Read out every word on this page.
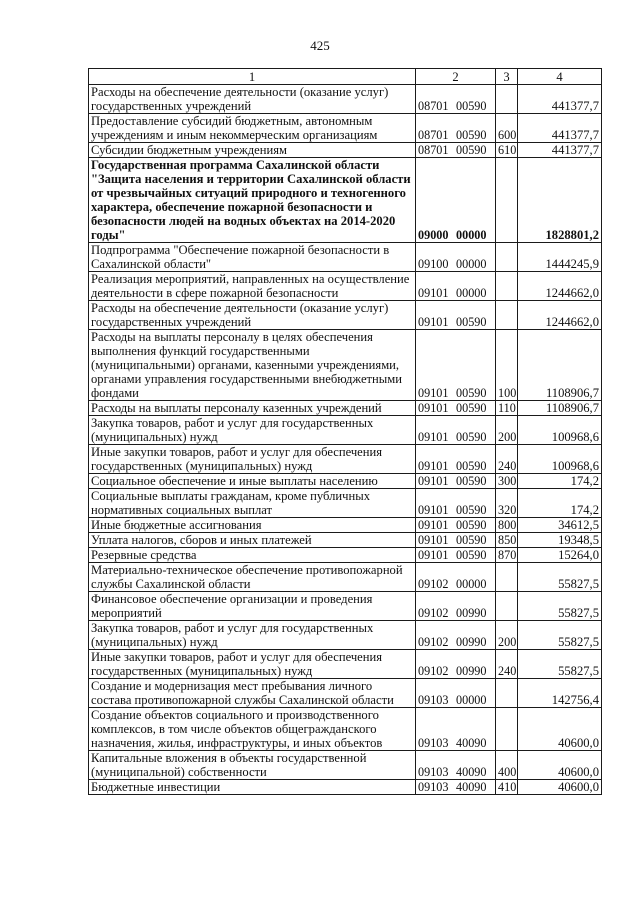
425
1	2	3	4
Расходы на обеспечение деятельности (оказание услуг) государственных учреждений	08701 00590		441377,7
Предоставление субсидий бюджетным, автономным учреждениям и иным некоммерческим организациям	08701 00590	600	441377,7
Субсидии бюджетным учреждениям	08701 00590	610	441377,7
Государственная программа Сахалинской области "Защита населения и территории Сахалинской области от чрезвычайных ситуаций природного и техногенного характера, обеспечение пожарной безопасности и безопасности людей на водных объектах на 2014-2020 годы"	09000 00000		1828801,2
Подпрограмма "Обеспечение пожарной безопасности в Сахалинской области"	09100 00000		1444245,9
Реализация мероприятий, направленных на осуществление деятельности в сфере пожарной безопасности	09101 00000		1244662,0
Расходы на обеспечение деятельности (оказание услуг) государственных учреждений	09101 00590		1244662,0
Расходы на выплаты персоналу в целях обеспечения выполнения функций государственными (муниципальными) органами, казенными учреждениями, органами управления государственными внебюджетными фондами	09101 00590	100	1108906,7
Расходы на выплаты персоналу казенных учреждений	09101 00590	110	1108906,7
Закупка товаров, работ и услуг для государственных (муниципальных) нужд	09101 00590	200	100968,6
Иные закупки товаров, работ и услуг для обеспечения государственных (муниципальных) нужд	09101 00590	240	100968,6
Социальное обеспечение и иные выплаты населению	09101 00590	300	174,2
Социальные выплаты гражданам, кроме публичных нормативных социальных выплат	09101 00590	320	174,2
Иные бюджетные ассигнования	09101 00590	800	34612,5
Уплата налогов, сборов и иных платежей	09101 00590	850	19348,5
Резервные средства	09101 00590	870	15264,0
Материально-техническое обеспечение противопожарной службы Сахалинской области	09102 00000		55827,5
Финансовое обеспечение организации и проведения мероприятий	09102 00990		55827,5
Закупка товаров, работ и услуг для государственных (муниципальных) нужд	09102 00990	200	55827,5
Иные закупки товаров, работ и услуг для обеспечения государственных (муниципальных) нужд	09102 00990	240	55827,5
Создание и модернизация мест пребывания личного состава противопожарной службы Сахалинской области	09103 00000		142756,4
Создание объектов социального и производственного комплексов, в том числе объектов общегражданского назначения, жилья, инфраструктуры, и иных объектов	09103 40090		40600,0
Капитальные вложения в объекты государственной (муниципальной) собственности	09103 40090	400	40600,0
Бюджетные инвестиции	09103 40090	410	40600,0
